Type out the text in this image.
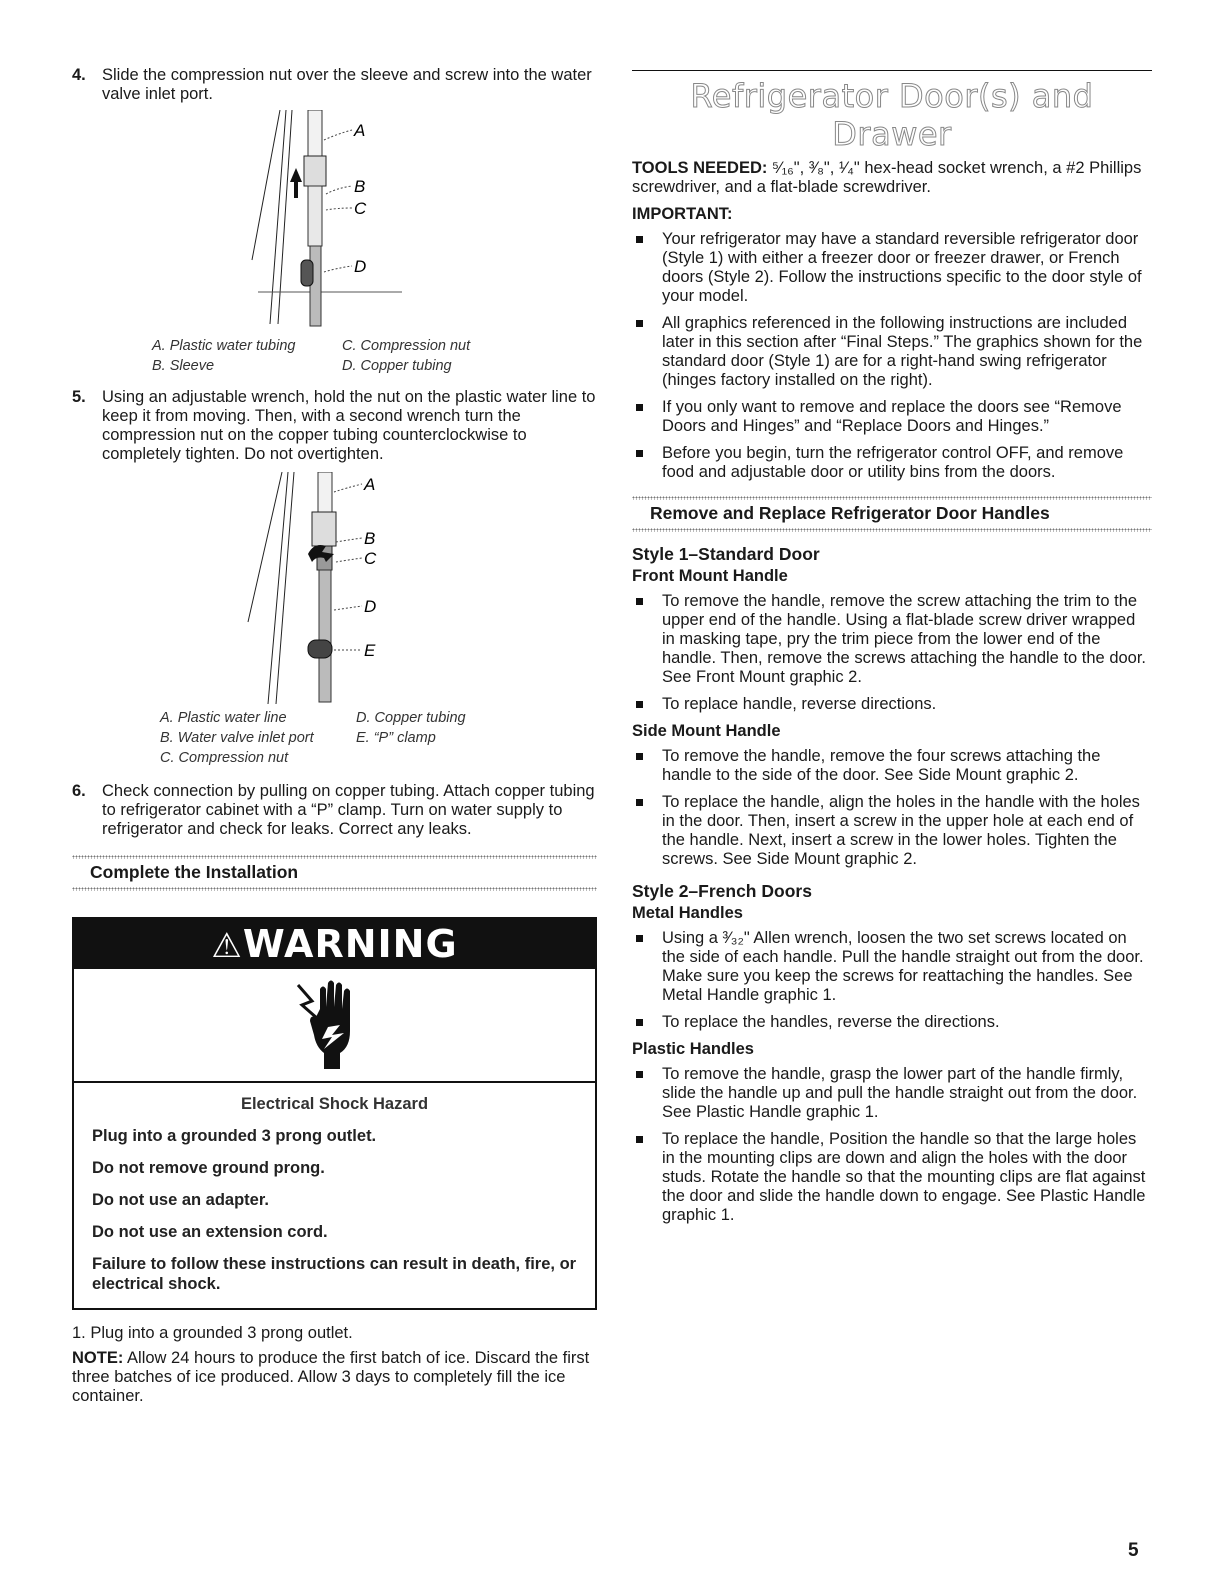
4. Slide the compression nut over the sleeve and screw into the water valve inlet port.
A
B
C
D
A. Plastic water tubing	C. Compression nut
B. Sleeve	D. Copper tubing
5. Using an adjustable wrench, hold the nut on the plastic water line to keep it from moving. Then, with a second wrench turn the compression nut on the copper tubing counterclockwise to completely tighten. Do not overtighten.
A
B
C
D
E
A. Plastic water line	D. Copper tubing
B. Water valve inlet port	E. “P” clamp
C. Compression nut
6. Check connection by pulling on copper tubing. Attach copper tubing to refrigerator cabinet with a “P” clamp. Turn on water supply to refrigerator and check for leaks. Correct any leaks.
Complete the Installation
⚠WARNING
Electrical Shock Hazard
Plug into a grounded 3 prong outlet.
Do not remove ground prong.
Do not use an adapter.
Do not use an extension cord.
Failure to follow these instructions can result in death, fire, or electrical shock.
1. Plug into a grounded 3 prong outlet.
NOTE: Allow 24 hours to produce the first batch of ice. Discard the first three batches of ice produced. Allow 3 days to completely fill the ice container.
Refrigerator Door(s) and Drawer
TOOLS NEEDED: ⁵⁄₁₆", ³⁄₈", ¹⁄₄" hex-head socket wrench, a #2 Phillips screwdriver, and a flat-blade screwdriver.
IMPORTANT:
Your refrigerator may have a standard reversible refrigerator door (Style 1) with either a freezer door or freezer drawer, or French doors (Style 2). Follow the instructions specific to the door style of your model.
All graphics referenced in the following instructions are included later in this section after “Final Steps.” The graphics shown for the standard door (Style 1) are for a right-hand swing refrigerator (hinges factory installed on the right).
If you only want to remove and replace the doors see “Remove Doors and Hinges” and “Replace Doors and Hinges.”
Before you begin, turn the refrigerator control OFF, and remove food and adjustable door or utility bins from the doors.
Remove and Replace Refrigerator Door Handles
Style 1–Standard Door
Front Mount Handle
To remove the handle, remove the screw attaching the trim to the upper end of the handle. Using a flat-blade screw driver wrapped in masking tape, pry the trim piece from the lower end of the handle. Then, remove the screws attaching the handle to the door. See Front Mount graphic 2.
To replace handle, reverse directions.
Side Mount Handle
To remove the handle, remove the four screws attaching the handle to the side of the door. See Side Mount graphic 2.
To replace the handle, align the holes in the handle with the holes in the door. Then, insert a screw in the upper hole at each end of the handle. Next, insert a screw in the lower holes. Tighten the screws. See Side Mount graphic 2.
Style 2–French Doors
Metal Handles
Using a ³⁄₃₂" Allen wrench, loosen the two set screws located on the side of each handle. Pull the handle straight out from the door. Make sure you keep the screws for reattaching the handles. See Metal Handle graphic 1.
To replace the handles, reverse the directions.
Plastic Handles
To remove the handle, grasp the lower part of the handle firmly, slide the handle up and pull the handle straight out from the door. See Plastic Handle graphic 1.
To replace the handle, Position the handle so that the large holes in the mounting clips are down and align the holes with the door studs. Rotate the handle so that the mounting clips are flat against the door and slide the handle down to engage. See Plastic Handle graphic 1.
5
